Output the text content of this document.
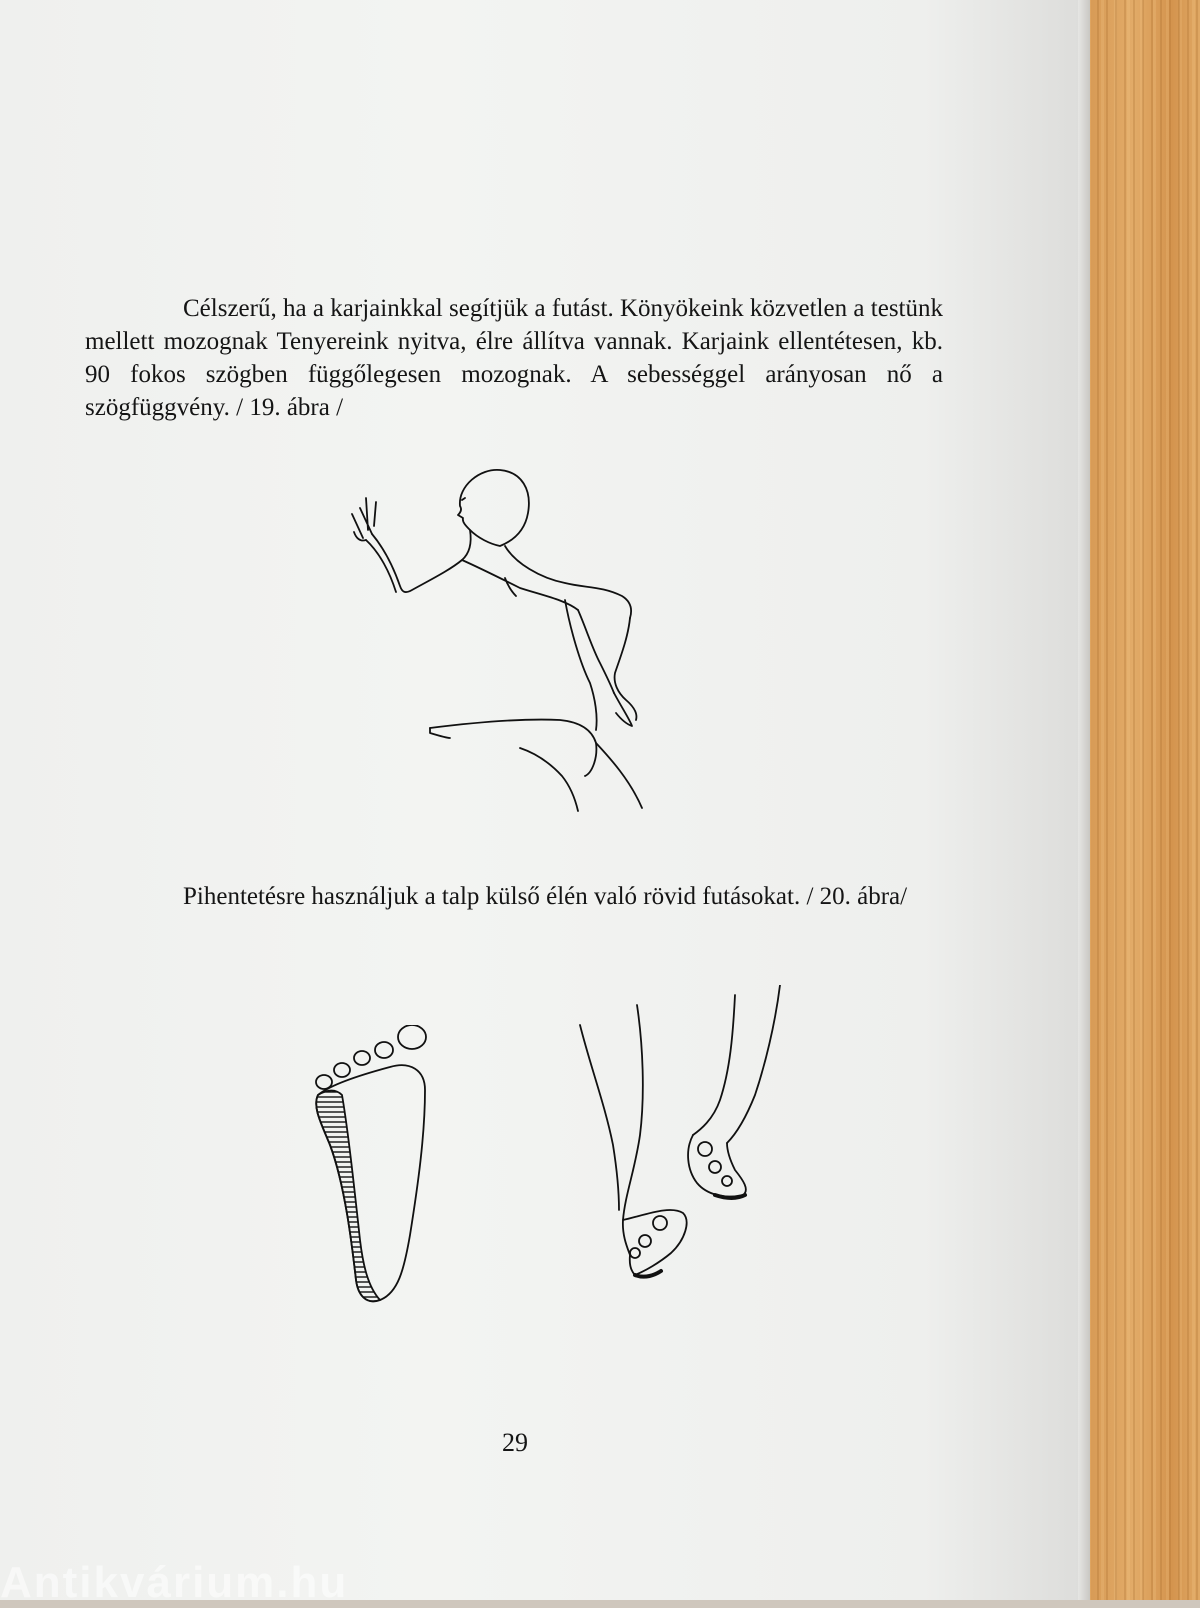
Célszerű, ha a karjainkkal segítjük a futást. Könyökeink közvetlen a testünk mellett mozognak Tenyereink nyitva, élre állítva vannak. Karjaink ellentétesen, kb. 90 fokos szögben függőlegesen mozognak. A sebességgel arányosan nő a szögfüggvény. / 19. ábra /

Pihentetésre használjuk a talp külső élén való rövid futásokat. / 20. ábra/

29
Antikvárium.hu
